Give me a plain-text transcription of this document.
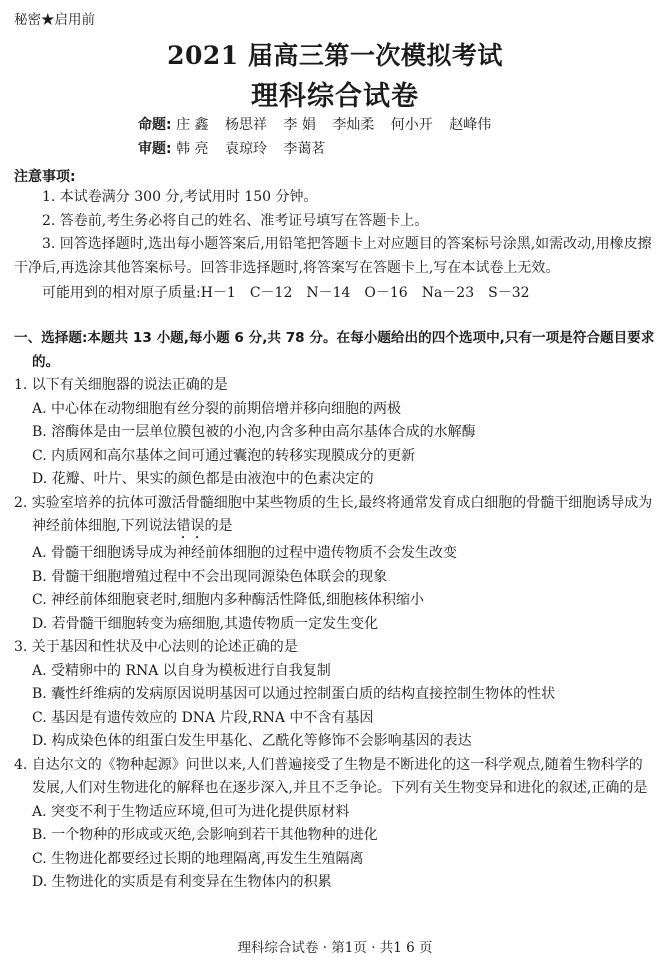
秘密★启用前
2021 届高三第一次模拟考试
理科综合试卷
命题: 庄 鑫 杨思祥 李 娟 李灿柔 何小开 赵峰伟
审题: 韩 亮 袁琼玲 李蔼茗
注意事项:

1. 本试卷满分 300 分,考试用时 150 分钟。

2. 答卷前,考生务必将自己的姓名、准考证号填写在答题卡上。

3. 回答选择题时,选出每小题答案后,用铅笔把答题卡上对应题目的答案标号涂黑,如需改动,用橡皮擦干净后,再选涂其他答案标号。回答非选择题时,将答案写在答题卡上,写在本试卷上无效。

可能用到的相对原子质量:H－1　C－12　N－14　O－16　Na－23　S－32

一、选择题:本题共 13 小题,每小题 6 分,共 78 分。在每小题给出的四个选项中,只有一项是符合题目要求的。

1. 以下有关细胞器的说法正确的是

A. 中心体在动物细胞有丝分裂的前期倍增并移向细胞的两极

B. 溶酶体是由一层单位膜包被的小泡,内含多种由高尔基体合成的水解酶

C. 内质网和高尔基体之间可通过囊泡的转移实现膜成分的更新

D. 花瓣、叶片、果实的颜色都是由液泡中的色素决定的

2. 实验室培养的抗体可激活骨髓细胞中某些物质的生长,最终将通常发育成白细胞的骨髓干细胞诱导成为神经前体细胞,下列说法错误的是

A. 骨髓干细胞诱导成为神经前体细胞的过程中遗传物质不会发生改变

B. 骨髓干细胞增殖过程中不会出现同源染色体联会的现象

C. 神经前体细胞衰老时,细胞内多种酶活性降低,细胞核体积缩小

D. 若骨髓干细胞转变为癌细胞,其遗传物质一定发生变化

3. 关于基因和性状及中心法则的论述正确的是

A. 受精卵中的 RNA 以自身为模板进行自我复制

B. 囊性纤维病的发病原因说明基因可以通过控制蛋白质的结构直接控制生物体的性状

C. 基因是有遗传效应的 DNA 片段,RNA 中不含有基因

D. 构成染色体的组蛋白发生甲基化、乙酰化等修饰不会影响基因的表达

4. 自达尔文的《物种起源》问世以来,人们普遍接受了生物是不断进化的这一科学观点,随着生物科学的发展,人们对生物进化的解释也在逐步深入,并且不乏争论。下列有关生物变异和进化的叙述,正确的是

A. 突变不利于生物适应环境,但可为进化提供原材料

B. 一个物种的形成或灭绝,会影响到若干其他物种的进化

C. 生物进化都要经过长期的地理隔离,再发生生殖隔离

D. 生物进化的实质是有利变异在生物体内的积累

理科综合试卷 · 第1页 · 共1 6 页
